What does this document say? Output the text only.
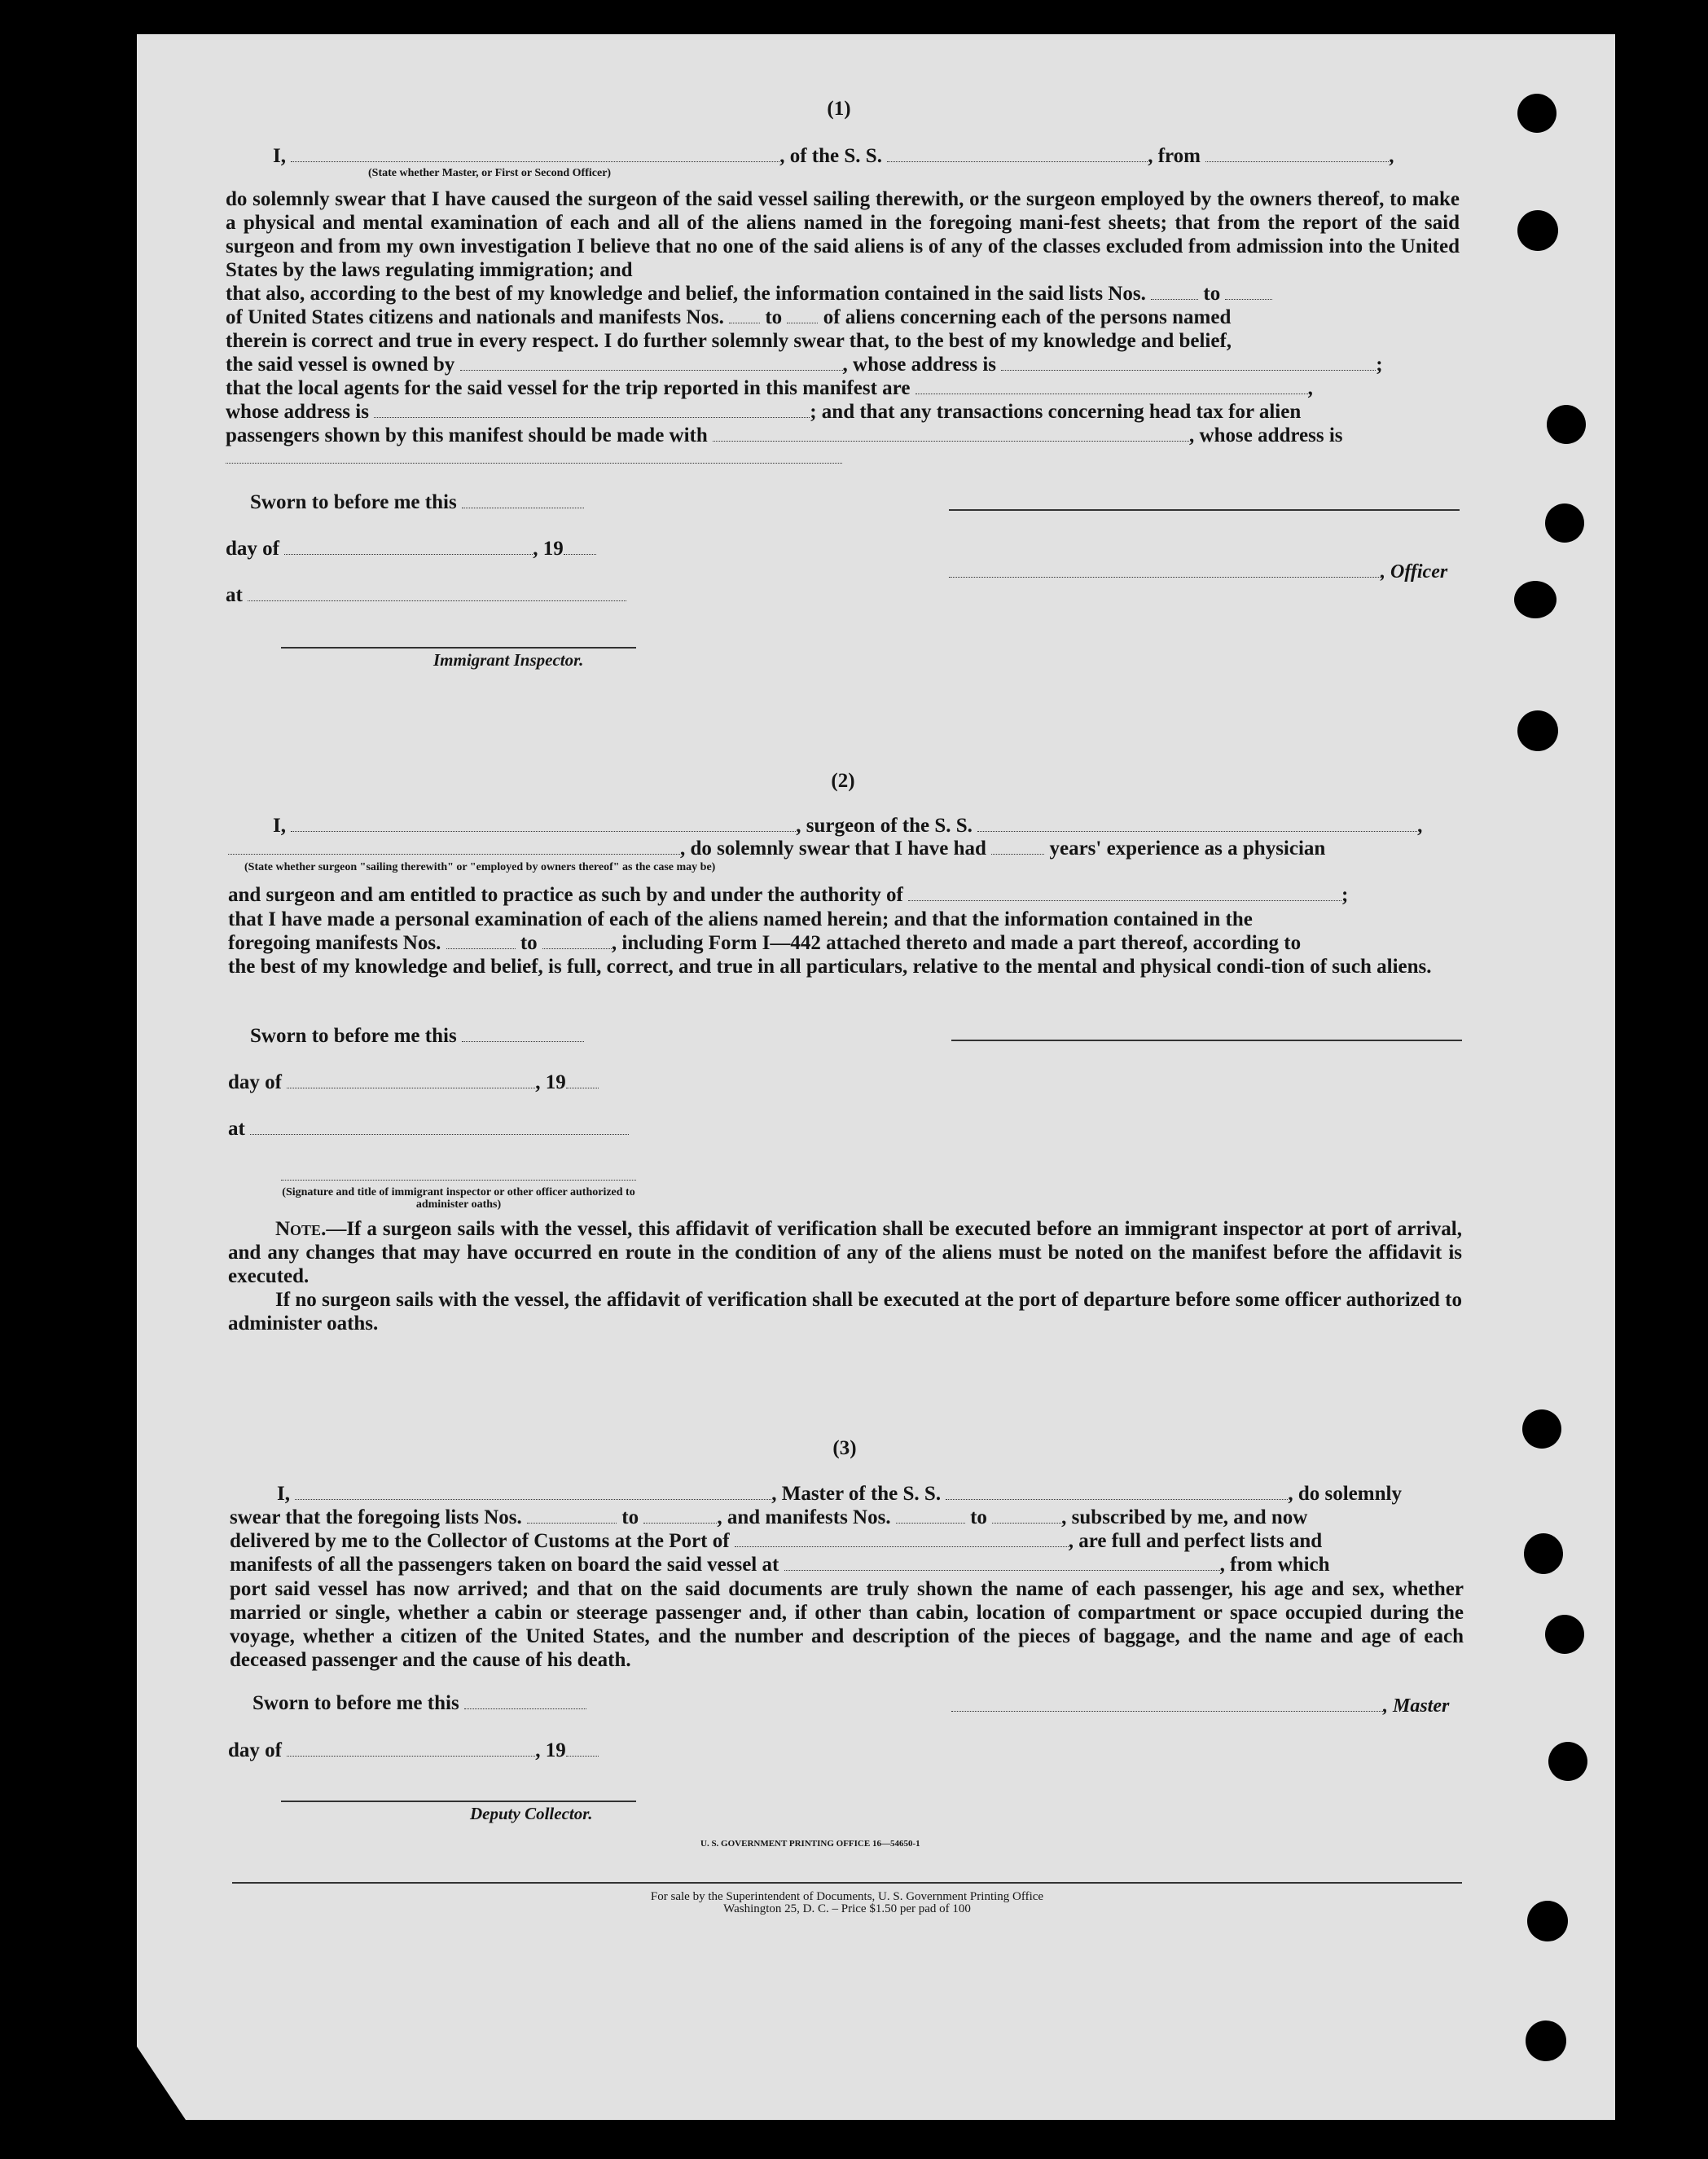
(1)
I,	, of the S. S.	, from	,
(State whether Master, or First or Second Officer)

do solemnly swear that I have caused the surgeon of the said vessel sailing therewith, or the surgeon employed by the owners thereof, to make a physical and mental examination of each and all of the aliens named in the foregoing mani-fest sheets; that from the report of the said surgeon and from my own investigation I believe that no one of the said aliens is of any of the classes excluded from admission into the United States by the laws regulating immigration; and

that also, according to the best of my knowledge and belief, the information contained in the said lists Nos.	to

of United States citizens and nationals and manifests Nos. to of aliens concerning each of the persons named

therein is correct and true in every respect. I do further solemnly swear that, to the best of my knowledge and belief,

the said vessel is owned by	, whose address is	;

that the local agents for the said vessel for the trip reported in this manifest are	,

whose address is	; and that any transactions concerning head tax for alien

passengers shown by this manifest should be made with	, whose address is

Sworn to before me this
day of	, 19
at
Immigrant Inspector.
, Officer
(2)
I,	, surgeon of the S. S.	,
, do solemnly swear that I have had	years' experience as a physician
(State whether surgeon "sailing therewith" or "employed by owners thereof" as the case may be)
and surgeon and am entitled to practice as such by and under the authority of	;

that I have made a personal examination of each of the aliens named herein; and that the information contained in the

foregoing manifests Nos.	to	, including Form I—442 attached thereto and made a part thereof, according to

the best of my knowledge and belief, is full, correct, and true in all particulars, relative to the mental and physical condi-tion of such aliens.

Sworn to before me this
day of	, 19
at
(Signature and title of immigrant inspector or other officer authorized to administer oaths)

Note.—If a surgeon sails with the vessel, this affidavit of verification shall be executed before an immigrant inspector at port of arrival, and any changes that may have occurred en route in the condition of any of the aliens must be noted on the manifest before the affidavit is executed.

If no surgeon sails with the vessel, the affidavit of verification shall be executed at the port of departure before some officer authorized to administer oaths.

(3)
I,	, Master of the S. S.	, do solemnly
swear that the foregoing lists Nos.	to	, and manifests Nos.	to	, subscribed by me, and now
delivered by me to the Collector of Customs at the Port of	, are full and perfect lists and
manifests of all the passengers taken on board the said vessel at	, from which
port said vessel has now arrived; and that on the said documents are truly shown the name of each passenger, his age and sex, whether married or single, whether a cabin or steerage passenger and, if other than cabin, location of compartment or space occupied during the voyage, whether a citizen of the United States, and the number and description of the pieces of baggage, and the name and age of each deceased passenger and the cause of his death.
Sworn to before me this
day of	, 19
Deputy Collector.
, Master
U. S. GOVERNMENT PRINTING OFFICE 16—54650-1
For sale by the Superintendent of Documents, U. S. Government Printing Office
Washington 25, D. C. – Price $1.50 per pad of 100
